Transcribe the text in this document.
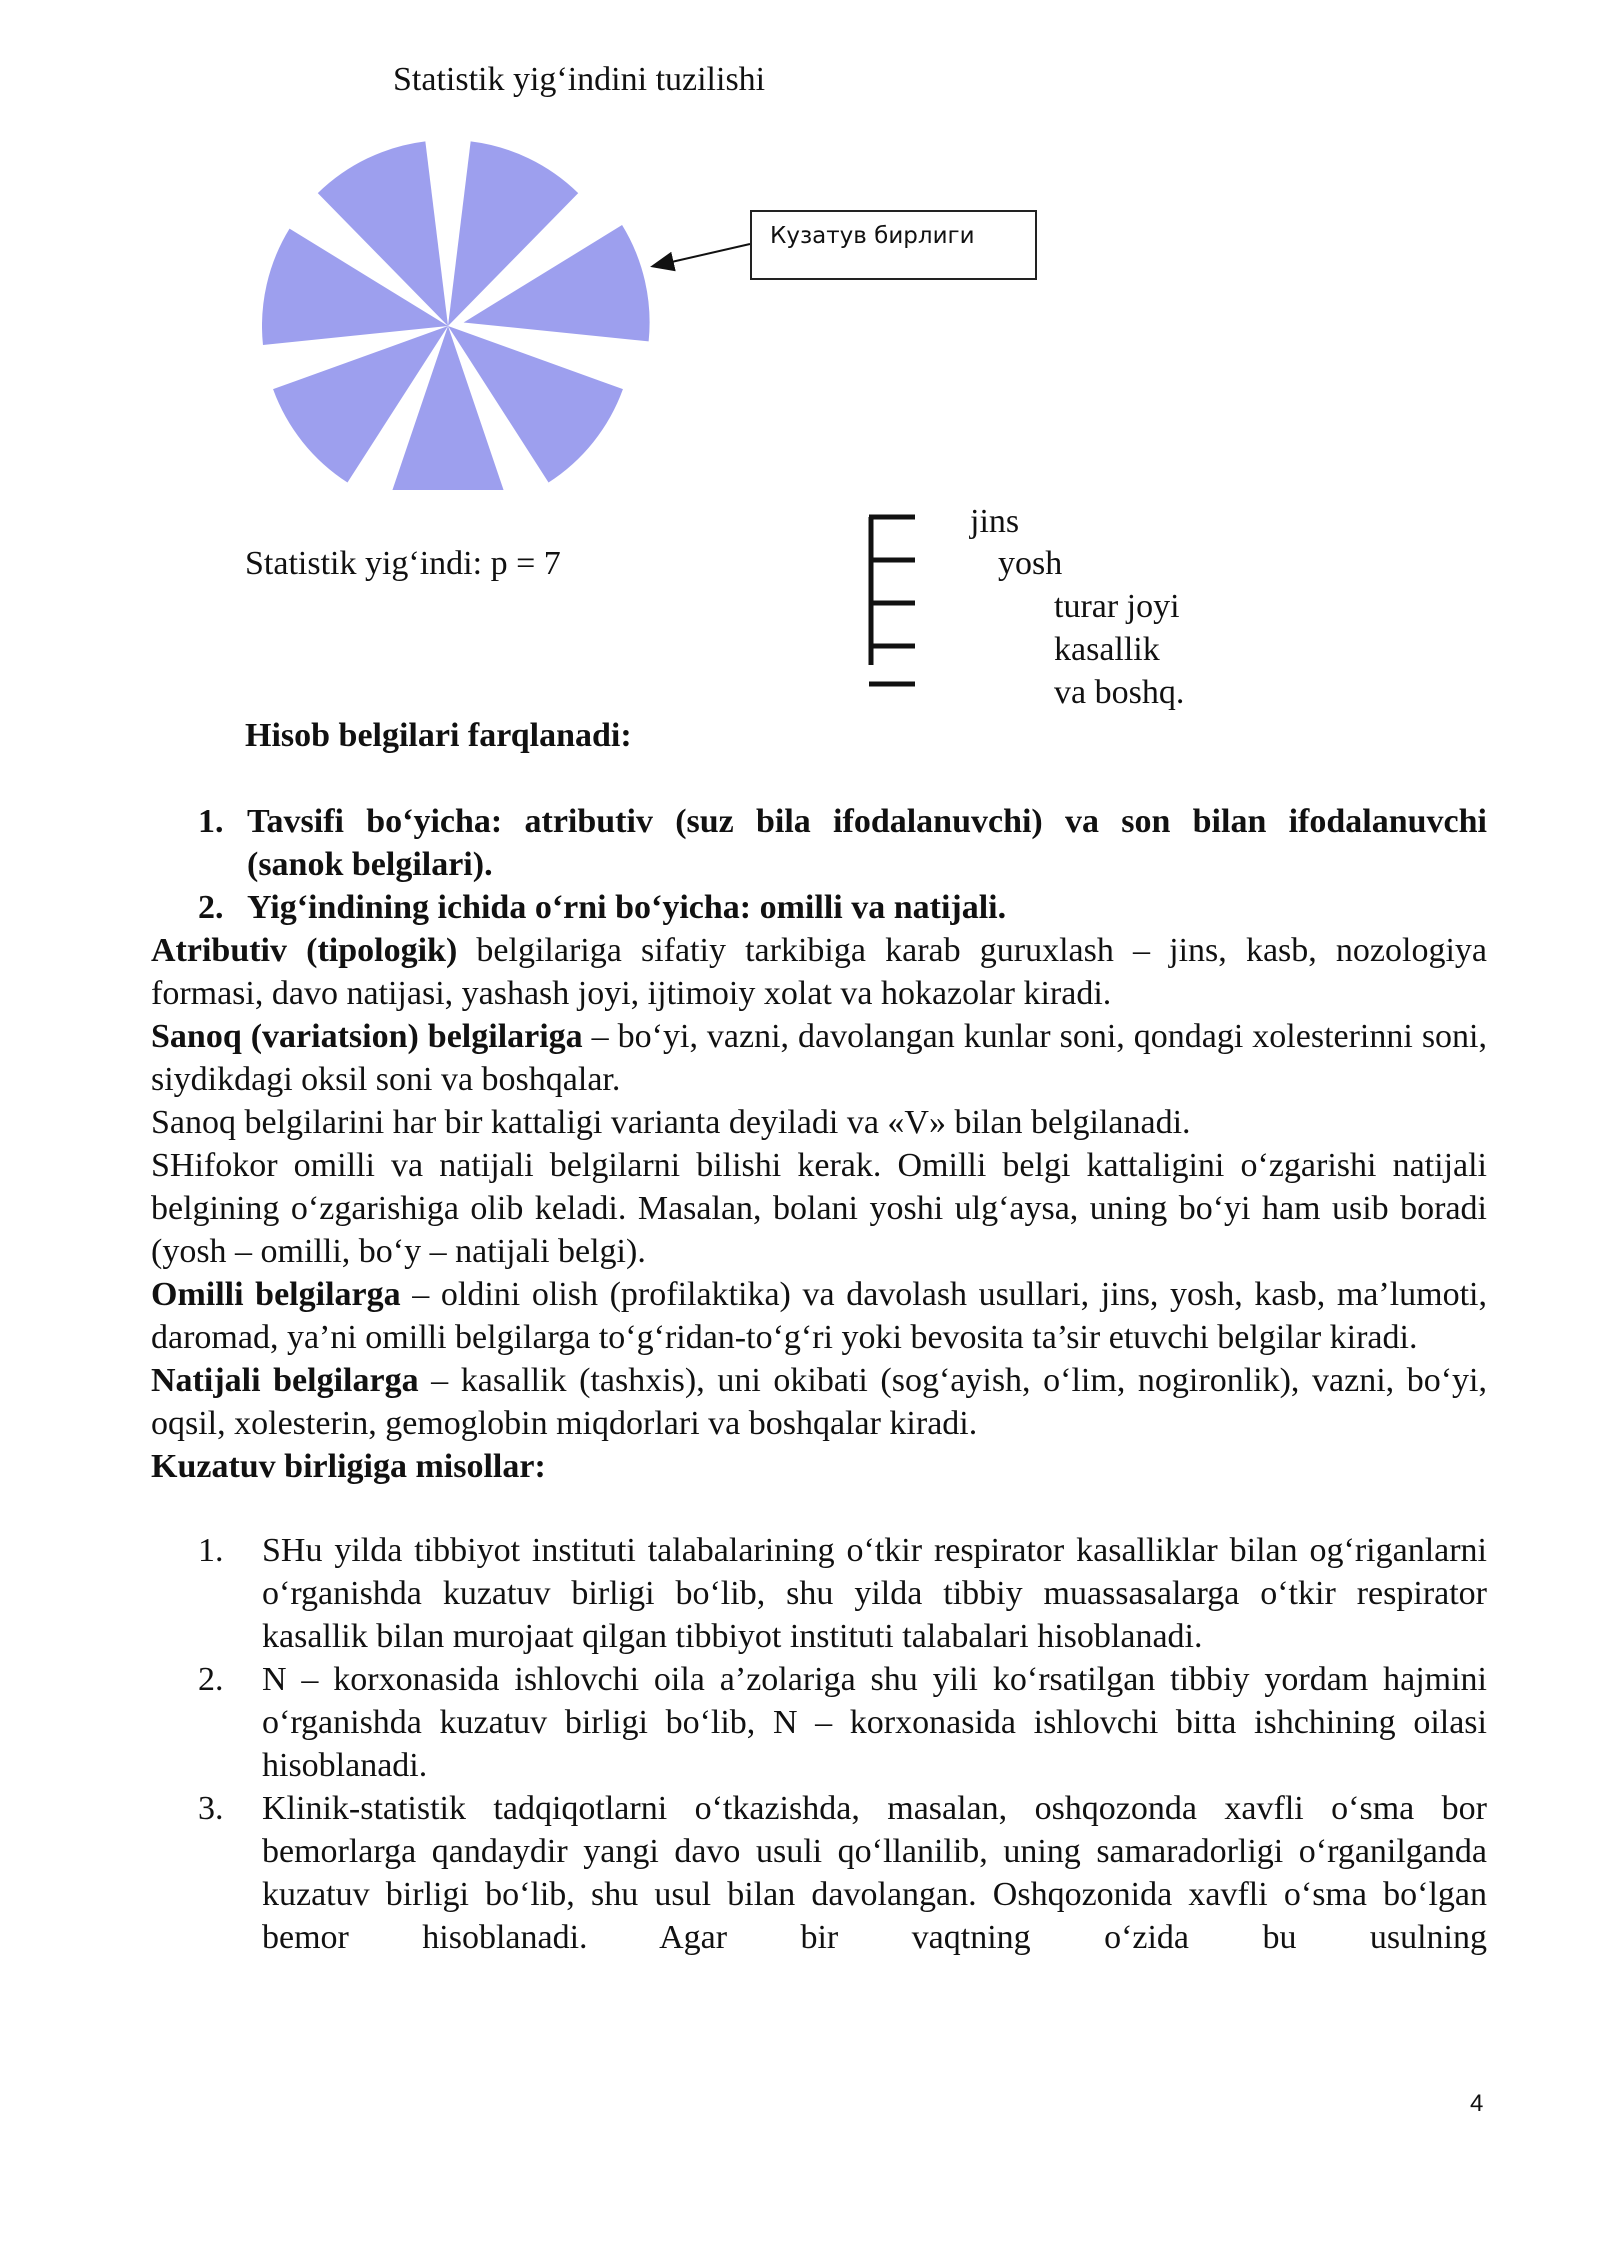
Statistik yig‘indini tuzilishi
Кузатув бирлиги
Statistik yig‘indi: p = 7
jins
yosh
turar joyi
kasallik
va boshq.
Hisob belgilari farqlanadi:
1. Tavsifi bo‘yicha: atributiv (suz bila ifodalanuvchi) va son bilan ifodalanuvchi
(sanok belgilari).
2. Yig‘indining ichida o‘rni bo‘yicha: omilli va natijali.
Atributiv (tipologik) belgilariga sifatiy tarkibiga karab guruxlash – jins, kasb, nozologiya formasi, davo natijasi, yashash joyi, ijtimoiy xolat va hokazolar kiradi.
Sanoq (variatsion) belgilariga – bo‘yi, vazni, davolangan kunlar soni, qondagi xolesterinni soni, siydikdagi oksil soni va boshqalar.
Sanoq belgilarini har bir kattaligi varianta deyiladi va «V» bilan belgilanadi.
SHifokor omilli va natijali belgilarni bilishi kerak. Omilli belgi kattaligini o‘zgarishi natijali belgining o‘zgarishiga olib keladi. Masalan, bolani yoshi ulg‘aysa, uning bo‘yi ham usib boradi (yosh – omilli, bo‘y – natijali belgi).
Omilli belgilarga – oldini olish (profilaktika) va davolash usullari, jins, yosh, kasb, ma’lumoti, daromad, ya’ni omilli belgilarga to‘g‘ridan-to‘g‘ri yoki bevosita ta’sir etuvchi belgilar kiradi.
Natijali belgilarga – kasallik (tashxis), uni okibati (sog‘ayish, o‘lim, nogironlik), vazni, bo‘yi, oqsil, xolesterin, gemoglobin miqdorlari va boshqalar kiradi.
Kuzatuv birligiga misollar:
1. SHu yilda tibbiyot instituti talabalarining o‘tkir respirator kasalliklar bilan og‘riganlarni o‘rganishda kuzatuv birligi bo‘lib, shu yilda tibbiy muassasalarga o‘tkir respirator kasallik bilan murojaat qilgan tibbiyot instituti talabalari hisoblanadi.
2. N – korxonasida ishlovchi oila a’zolariga shu yili ko‘rsatilgan tibbiy yordam hajmini o‘rganishda kuzatuv birligi bo‘lib, N – korxonasida ishlovchi bitta ishchining oilasi hisoblanadi.
3. Klinik-statistik tadqiqotlarni o‘tkazishda, masalan, oshqozonda xavfli o‘sma bor bemorlarga qandaydir yangi davo usuli qo‘llanilib, uning samaradorligi o‘rganilganda kuzatuv birligi bo‘lib, shu usul bilan davolangan. Oshqozonida xavfli o‘sma bo‘lgan bemor hisoblanadi. Agar bir vaqtning o‘zida bu usulning
4
